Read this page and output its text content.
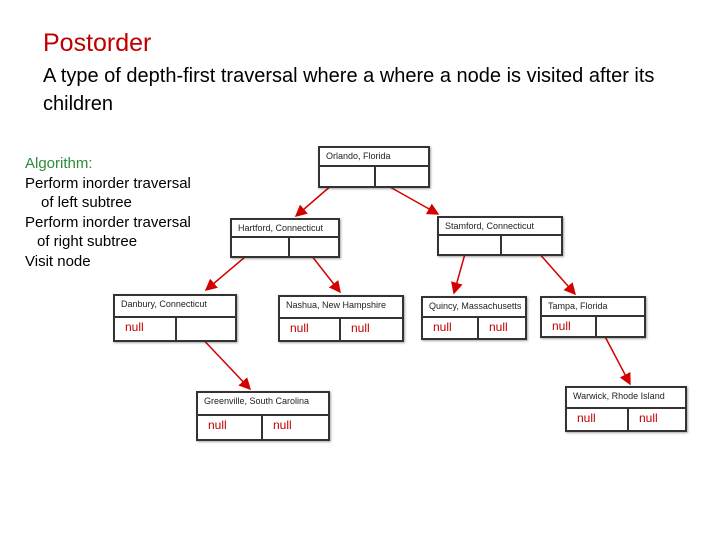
Postorder
A type of depth-first traversal where a where a node is visited after its children
Algorithm:
Perform inorder traversal
of left subtree
Perform inorder traversal
of right subtree
Visit node
Orlando, Florida
Hartford, Connecticut	Stamford, Connecticut
Danbury, Connecticut
null
Nashua, New Hampshire
null	null
Quincy, Massachusetts
null	null
Tampa, Florida
null
Greenville, South Carolina
null	null
Warwick, Rhode Island
null	null
